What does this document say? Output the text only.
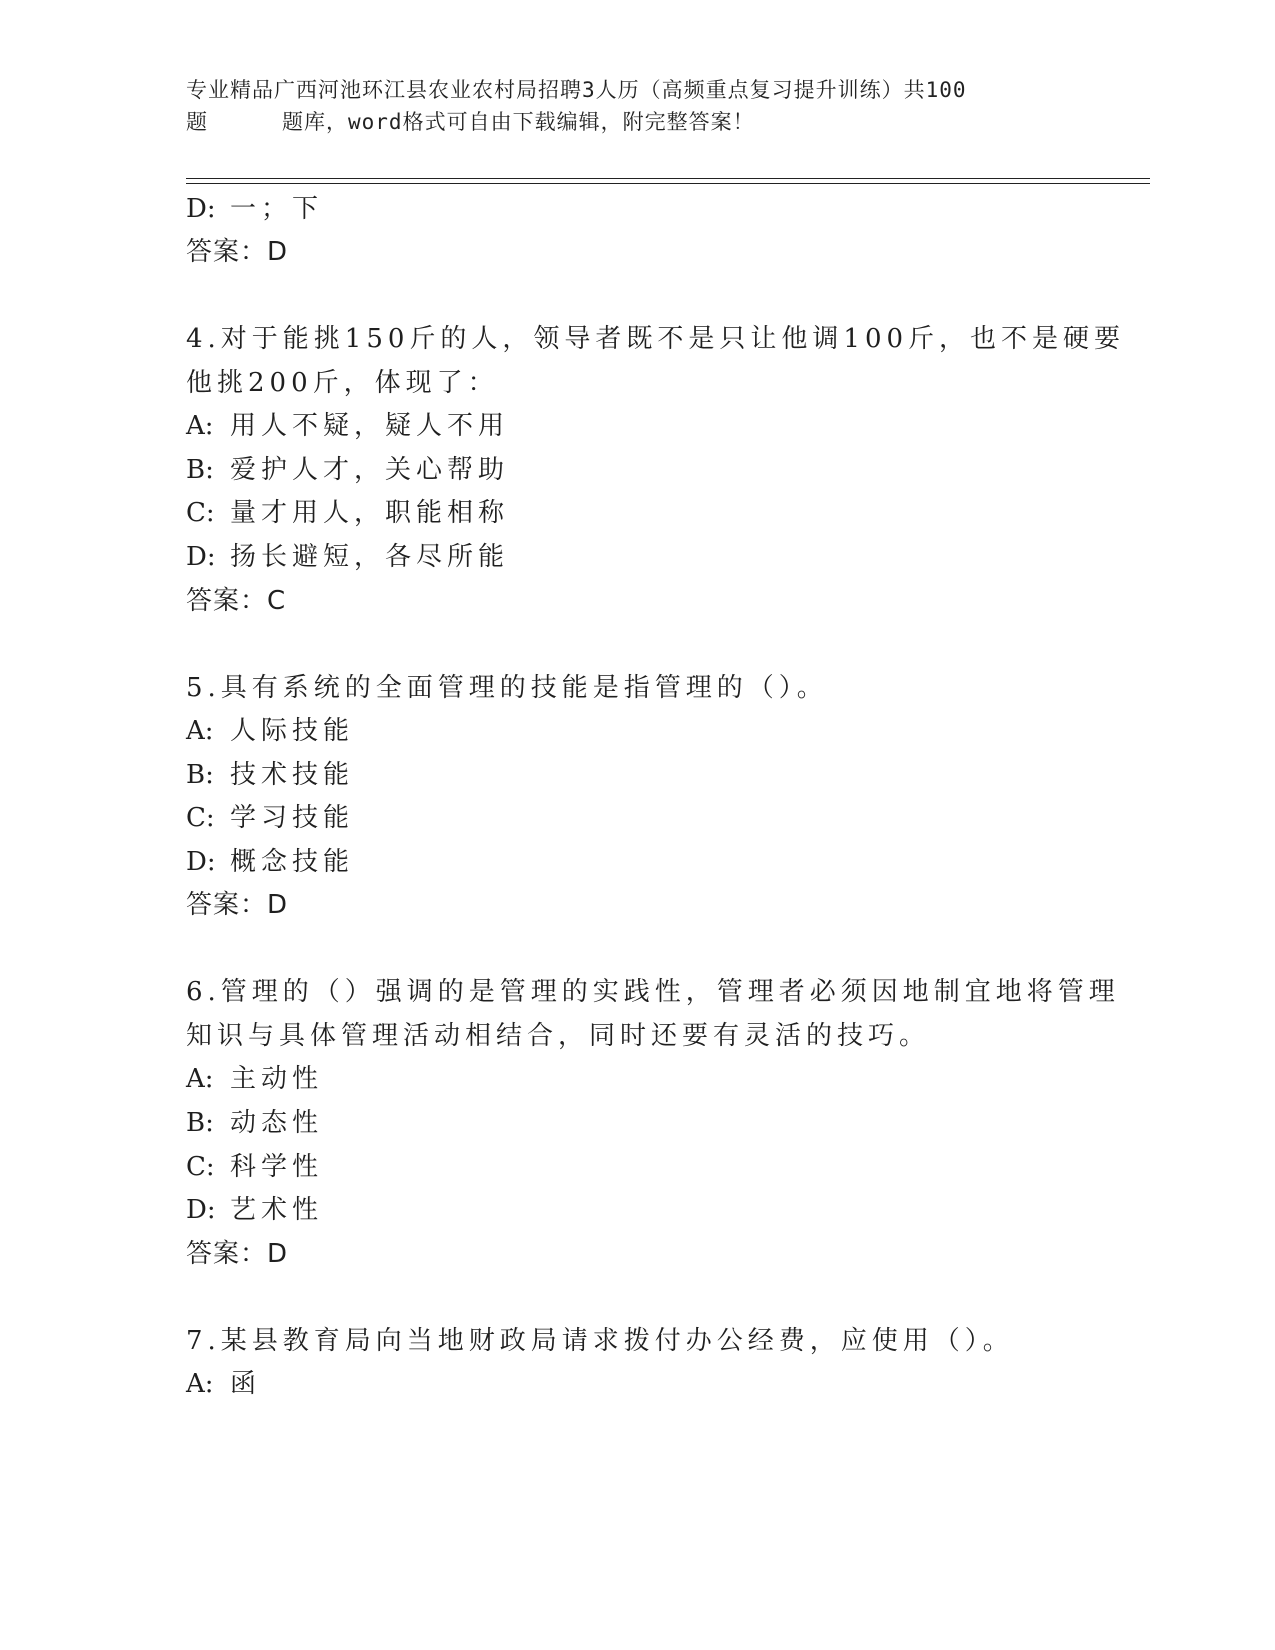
专业精品广西河池环江县农业农村局招聘3人历（高频重点复习提升训练）共100
题	题库，word格式可自由下载编辑，附完整答案！
D: 一；下
答案：D
4.对于能挑150斤的人，领导者既不是只让他调100斤，也不是硬要
他挑200斤，体现了：
A: 用人不疑，疑人不用
B: 爱护人才，关心帮助
C: 量才用人，职能相称
D: 扬长避短，各尽所能
答案：C
5.具有系统的全面管理的技能是指管理的（）。
A: 人际技能
B: 技术技能
C: 学习技能
D: 概念技能
答案：D
6.管理的（）强调的是管理的实践性，管理者必须因地制宜地将管理
知识与具体管理活动相结合，同时还要有灵活的技巧。
A: 主动性
B: 动态性
C: 科学性
D: 艺术性
答案：D
7.某县教育局向当地财政局请求拨付办公经费，应使用（）。
A: 函
